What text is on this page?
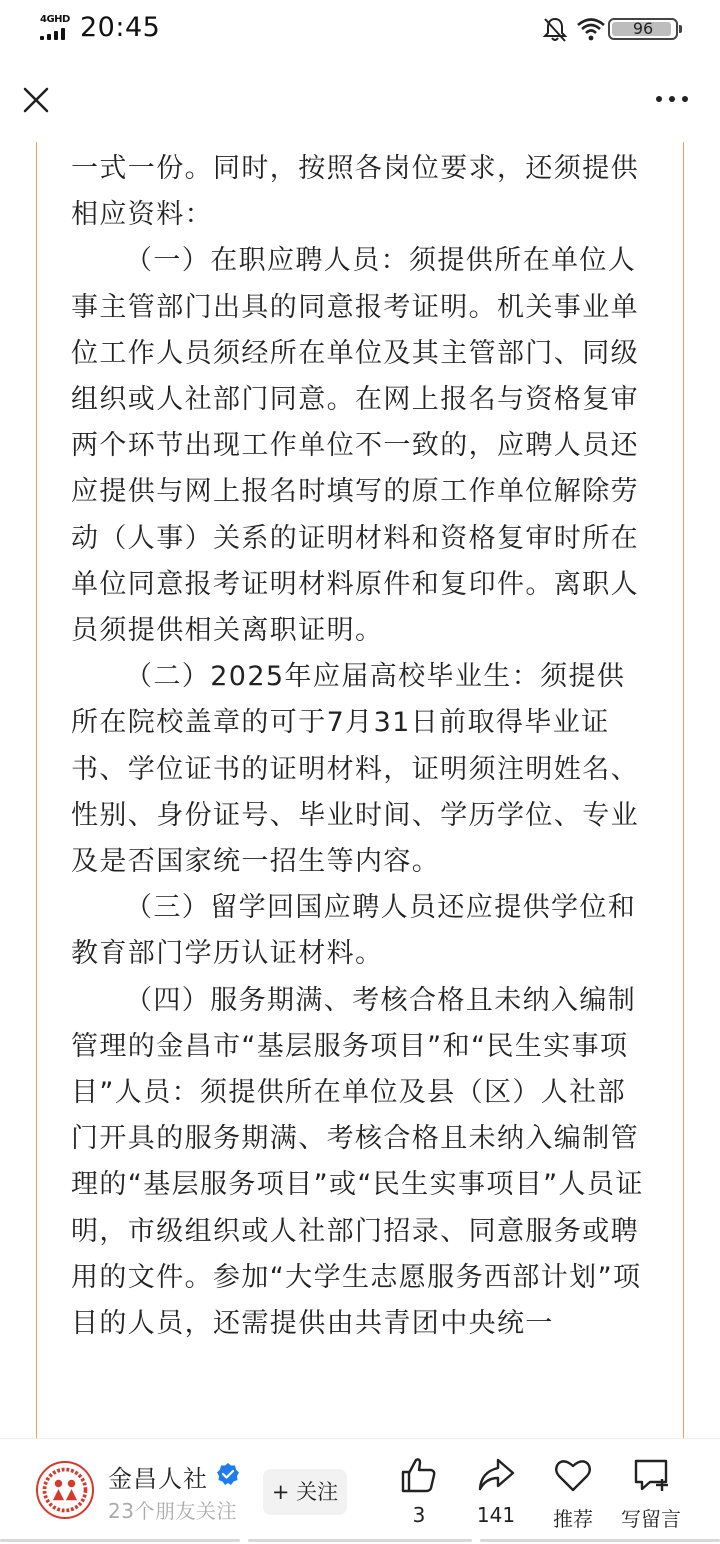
4GHD 20:45	96

一式一份。同时，按照各岗位要求，还须提供相应资料：

（一）在职应聘人员：须提供所在单位人事主管部门出具的同意报考证明。机关事业单位工作人员须经所在单位及其主管部门、同级组织或人社部门同意。在网上报名与资格复审两个环节出现工作单位不一致的，应聘人员还应提供与网上报名时填写的原工作单位解除劳动（人事）关系的证明材料和资格复审时所在单位同意报考证明材料原件和复印件。离职人员须提供相关离职证明。

（二）2025年应届高校毕业生：须提供所在院校盖章的可于7月31日前取得毕业证书、学位证书的证明材料，证明须注明姓名、性别、身份证号、毕业时间、学历学位、专业及是否国家统一招生等内容。

（三）留学回国应聘人员还应提供学位和教育部门学历认证材料。

（四）服务期满、考核合格且未纳入编制管理的金昌市“基层服务项目”和“民生实事项目”人员：须提供所在单位及县（区）人社部门开具的服务期满、考核合格且未纳入编制管理的“基层服务项目”或“民生实事项目”人员证明，市级组织或人社部门招录、同意服务或聘用的文件。参加“大学生志愿服务西部计划”项目的人员，还需提供由共青团中央统一

金昌人社
23个朋友关注
+ 关注
3	141	推荐	写留言
